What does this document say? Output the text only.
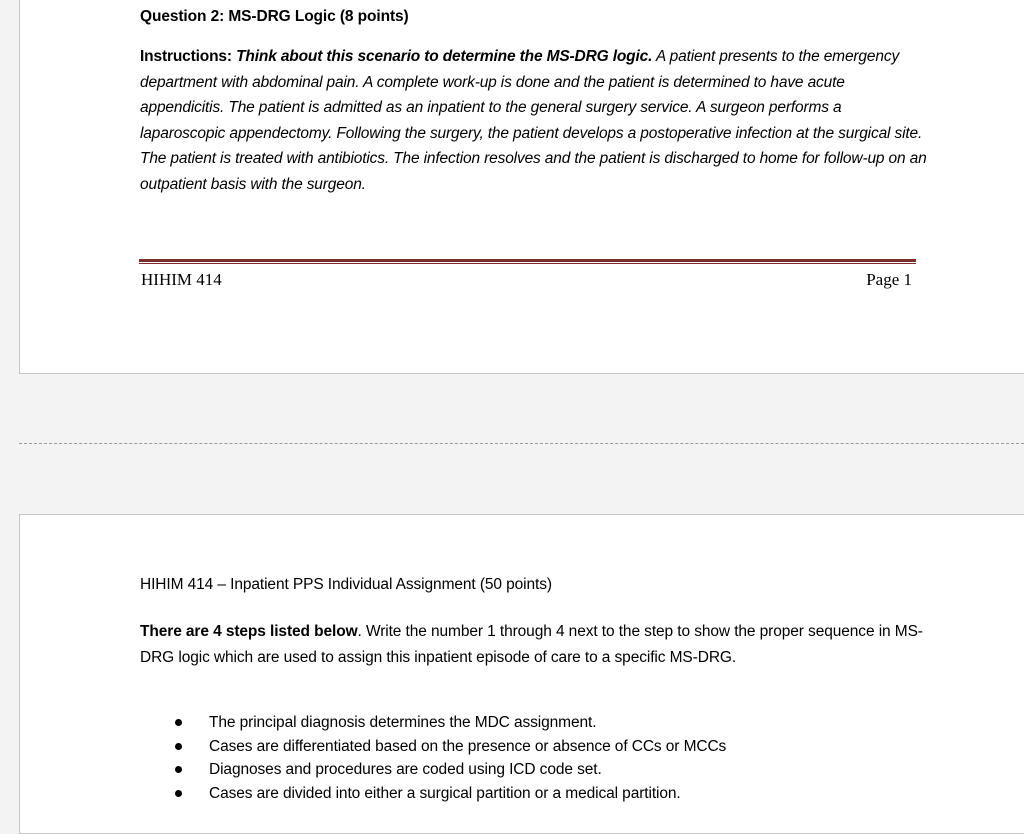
Question 2: MS-DRG Logic (8 points)
Instructions: Think about this scenario to determine the MS-DRG logic. A patient presents to the emergency department with abdominal pain. A complete work-up is done and the patient is determined to have acute appendicitis. The patient is admitted as an inpatient to the general surgery service. A surgeon performs a laparoscopic appendectomy. Following the surgery, the patient develops a postoperative infection at the surgical site. The patient is treated with antibiotics. The infection resolves and the patient is discharged to home for follow-up on an outpatient basis with the surgeon.
HIHIM 414	Page 1
HIHIM 414 – Inpatient PPS Individual Assignment (50 points)
There are 4 steps listed below. Write the number 1 through 4 next to the step to show the proper sequence in MS-DRG logic which are used to assign this inpatient episode of care to a specific MS-DRG.
The principal diagnosis determines the MDC assignment.
Cases are differentiated based on the presence or absence of CCs or MCCs
Diagnoses and procedures are coded using ICD code set.
Cases are divided into either a surgical partition or a medical partition.
